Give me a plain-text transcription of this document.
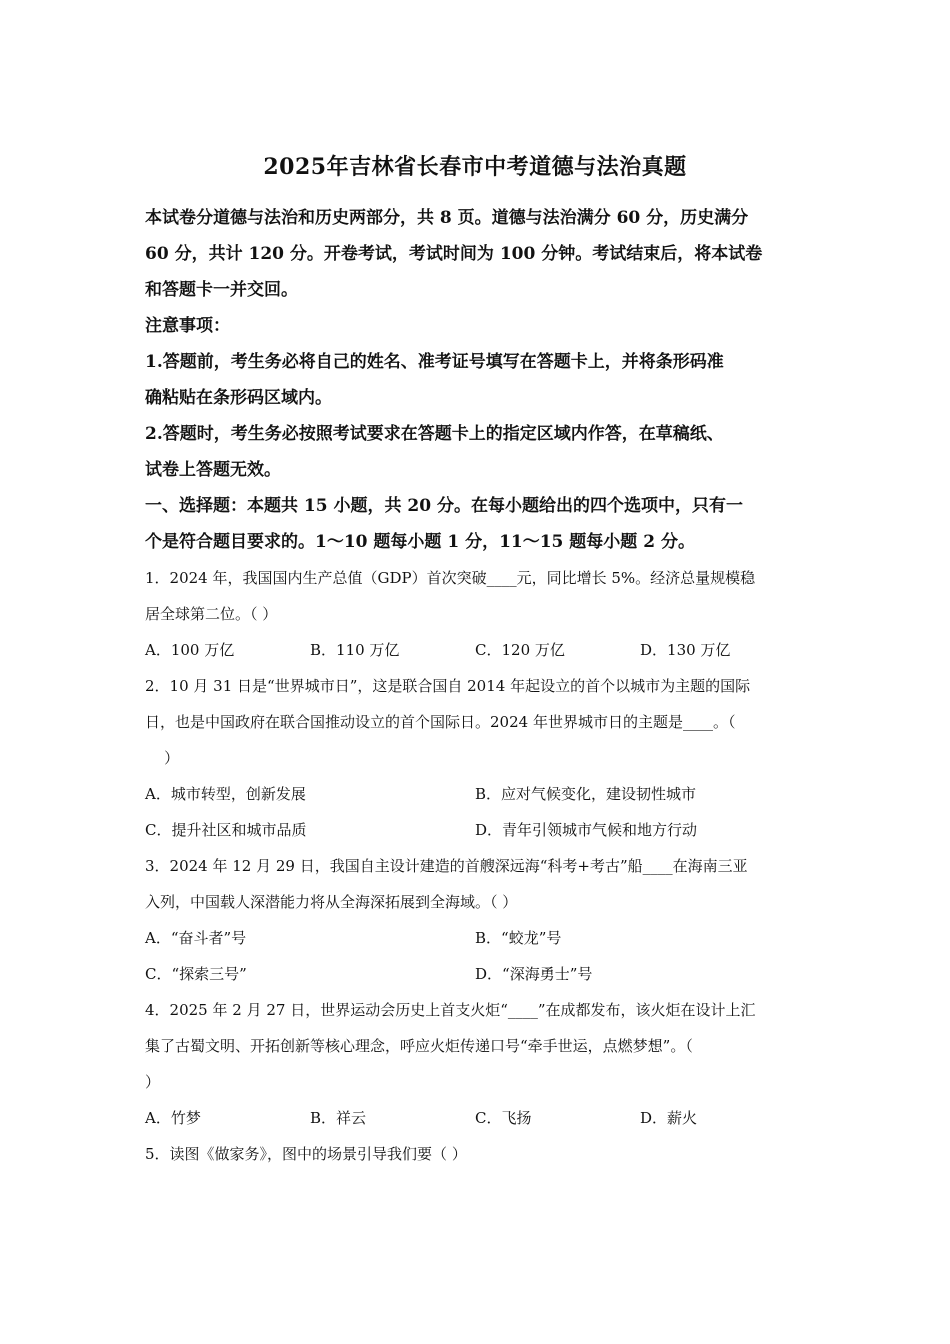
2025年吉林省长春市中考道德与法治真题

本试卷分道德与法治和历史两部分，共 8 页。道德与法治满分 60 分，历史满分

60 分，共计 120 分。开卷考试，考试时间为 100 分钟。考试结束后，将本试卷

和答题卡一并交回。

注意事项：

1.答题前，考生务必将自己的姓名、准考证号填写在答题卡上，并将条形码准

确粘贴在条形码区域内。

2.答题时，考生务必按照考试要求在答题卡上的指定区域内作答，在草稿纸、

试卷上答题无效。

一、选择题：本题共 15 小题，共 20 分。在每小题给出的四个选项中，只有一

个是符合题目要求的。1～10 题每小题 1 分，11～15 题每小题 2 分。

1．2024 年，我国国内生产总值（GDP）首次突破____元，同比增长 5%。经济总量规模稳

居全球第二位。（ ）

A．100 万亿	B．110 万亿	C．120 万亿	D．130 万亿

2．10 月 31 日是“世界城市日”，这是联合国自 2014 年起设立的首个以城市为主题的国际

日，也是中国政府在联合国推动设立的首个国际日。2024 年世界城市日的主题是____。（

）

A．城市转型，创新发展	B．应对气候变化，建设韧性城市
C．提升社区和城市品质	D．青年引领城市气候和地方行动

3．2024 年 12 月 29 日，我国自主设计建造的首艘深远海“科考+考古”船____在海南三亚

入列，中国载人深潜能力将从全海深拓展到全海域。（ ）

A．“奋斗者”号	B．“蛟龙”号
C．“探索三号”	D．“深海勇士”号

4．2025 年 2 月 27 日，世界运动会历史上首支火炬“____”在成都发布，该火炬在设计上汇

集了古蜀文明、开拓创新等核心理念，呼应火炬传递口号“牵手世运，点燃梦想”。（

）

A．竹梦	B．祥云	C．飞扬	D．薪火

5．读图《做家务》，图中的场景引导我们要（ ）
